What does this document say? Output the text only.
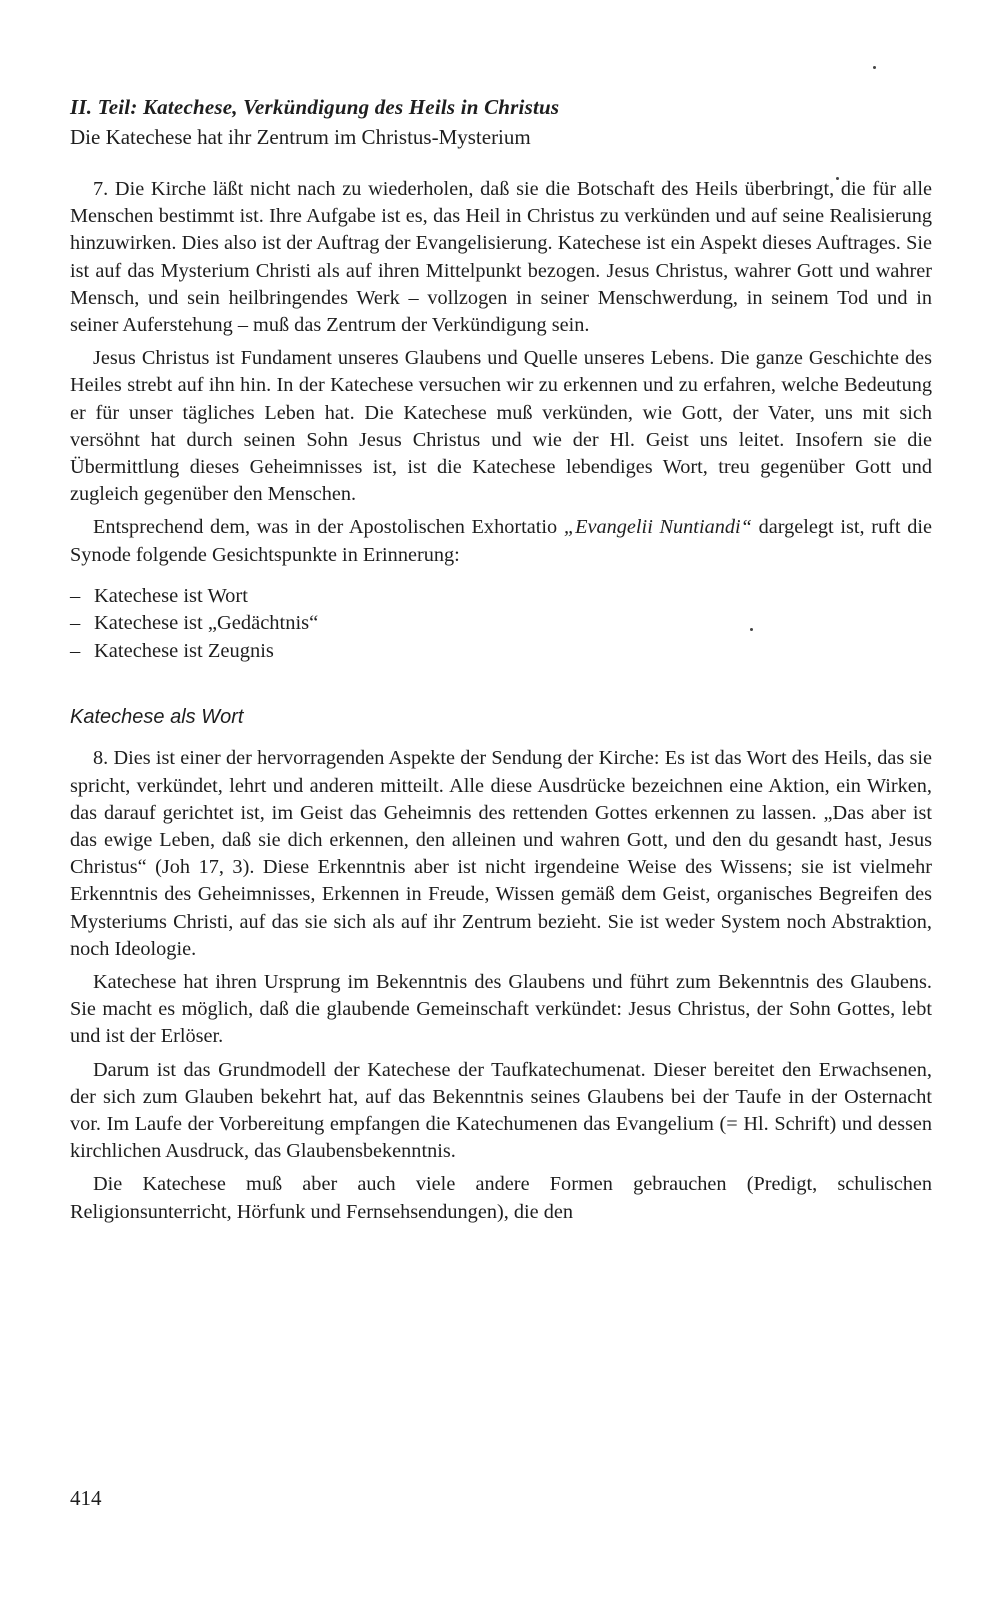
II. Teil: Katechese, Verkündigung des Heils in Christus
Die Katechese hat ihr Zentrum im Christus-Mysterium

7. Die Kirche läßt nicht nach zu wiederholen, daß sie die Botschaft des Heils überbringt, die für alle Menschen bestimmt ist. Ihre Aufgabe ist es, das Heil in Christus zu verkünden und auf seine Realisierung hinzuwirken. Dies also ist der Auftrag der Evangelisierung. Katechese ist ein Aspekt dieses Auftrages. Sie ist auf das Mysterium Christi als auf ihren Mittelpunkt bezogen. Jesus Christus, wahrer Gott und wahrer Mensch, und sein heilbringendes Werk – vollzogen in seiner Menschwerdung, in seinem Tod und in seiner Auferstehung – muß das Zentrum der Verkündigung sein.

Jesus Christus ist Fundament unseres Glaubens und Quelle unseres Lebens. Die ganze Geschichte des Heiles strebt auf ihn hin. In der Katechese versuchen wir zu erkennen und zu erfahren, welche Bedeutung er für unser tägliches Leben hat. Die Katechese muß verkünden, wie Gott, der Vater, uns mit sich versöhnt hat durch seinen Sohn Jesus Christus und wie der Hl. Geist uns leitet. Insofern sie die Übermittlung dieses Geheimnisses ist, ist die Katechese lebendiges Wort, treu gegenüber Gott und zugleich gegenüber den Menschen.

Entsprechend dem, was in der Apostolischen Exhortatio „Evangelii Nuntiandi“ dargelegt ist, ruft die Synode folgende Gesichtspunkte in Erinnerung:

– Katechese ist Wort
– Katechese ist „Gedächtnis“
– Katechese ist Zeugnis
Katechese als Wort

8. Dies ist einer der hervorragenden Aspekte der Sendung der Kirche: Es ist das Wort des Heils, das sie spricht, verkündet, lehrt und anderen mitteilt. Alle diese Ausdrücke bezeichnen eine Aktion, ein Wirken, das darauf gerichtet ist, im Geist das Geheimnis des rettenden Gottes erkennen zu lassen. „Das aber ist das ewige Leben, daß sie dich erkennen, den alleinen und wahren Gott, und den du gesandt hast, Jesus Christus“ (Joh 17, 3). Diese Erkenntnis aber ist nicht irgendeine Weise des Wissens; sie ist vielmehr Erkenntnis des Geheimnisses, Erkennen in Freude, Wissen gemäß dem Geist, organisches Begreifen des Mysteriums Christi, auf das sie sich als auf ihr Zentrum bezieht. Sie ist weder System noch Abstraktion, noch Ideologie.

Katechese hat ihren Ursprung im Bekenntnis des Glaubens und führt zum Bekenntnis des Glaubens. Sie macht es möglich, daß die glaubende Gemeinschaft verkündet: Jesus Christus, der Sohn Gottes, lebt und ist der Erlöser.

Darum ist das Grundmodell der Katechese der Taufkatechumenat. Dieser bereitet den Erwachsenen, der sich zum Glauben bekehrt hat, auf das Bekenntnis seines Glaubens bei der Taufe in der Osternacht vor. Im Laufe der Vorbereitung empfangen die Katechumenen das Evangelium (= Hl. Schrift) und dessen kirchlichen Ausdruck, das Glaubensbekenntnis.

Die Katechese muß aber auch viele andere Formen gebrauchen (Predigt, schulischen Religionsunterricht, Hörfunk und Fernsehsendungen), die den

414
